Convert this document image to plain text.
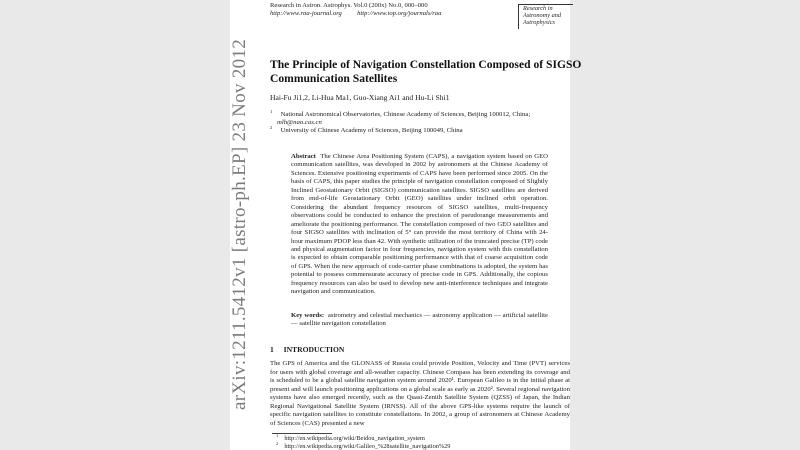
arXiv:1211.5412v1 [astro-ph.EP] 23 Nov 2012
Research in Astron. Astrophys. Vol.0 (200x) No.0, 000–000
http://www.raa-journal.org http://www.iop.org/journals/raa
Research in
Astronomy and
Astrophysics
The Principle of Navigation Constellation Composed of SIGSO
Communication Satellites
Hai-Fu Ji1,2, Li-Hua Ma1, Guo-Xiang Ai1 and Hu-Li Shi1
$^1$ National Astronomical Observatories, Chinese Academy of Sciences, Beijing 100012, China;
mlh@nao.cas.cn
$^2$ University of Chinese Academy of Sciences, Beijing 100049, China
Abstract The Chinese Area Positioning System (CAPS), a navigation system based on GEO communication satellites, was developed in 2002 by astronomers at the Chinese Academy of Sciences. Extensive positioning experiments of CAPS have been performed since 2005. On the basis of CAPS, this paper studies the principle of navigation constellation composed of Slightly Inclined Geostationary Orbit (SIGSO) communication satellites. SIGSO satellites are derived from end-of-life Geostationary Orbit (GEO) satellites under inclined orbit operation. Considering the abundant frequency resources of SIGSO satellites, multi-frequency observations could be conducted to enhance the precision of pseudorange measurements and ameliorate the positioning performance. The constellation composed of two GEO satellites and four SIGSO satellites with inclination of 5° can provide the most territory of China with 24-hour maximum PDOP less than 42. With synthetic utilization of the truncated precise (TP) code and physical augmentation factor in four frequencies, navigation system with this constellation is expected to obtain comparable positioning performance with that of coarse acquisition code of GPS. When the new approach of code-carrier phase combinations is adopted, the system has potential to possess commensurate accuracy of precise code in GPS. Additionally, the copious frequency resources can also be used to develop new anti-interference techniques and integrate navigation and communication.
Key words: astrometry and celestial mechanics — astronomy application — artificial satellite — satellite navigation constellation
1 INTRODUCTION
The GPS of America and the GLONASS of Russia could provide Position, Velocity and Time (PVT) services for users with global coverage and all-weather capacity. Chinese Compass has been extending its coverage and is scheduled to be a global satellite navigation system around 2020¹. European Galileo is in the initial phase at present and will launch positioning applications on a global scale as early as 2020². Several regional navigation systems have also emerged recently, such as the Quasi-Zenith Satellite System (QZSS) of Japan, the Indian Regional Navigational Satellite System (IRNSS). All of the above GPS-like systems require the launch of specific navigation satellites to constitute constellations. In 2002, a group of astronomers at Chinese Academy of Sciences (CAS) presented a new
$^1$ http://en.wikipedia.org/wiki/Beidou_navigation_system
$^2$ http://en.wikipedia.org/wiki/Galileo_%28satellite_navigation%29
